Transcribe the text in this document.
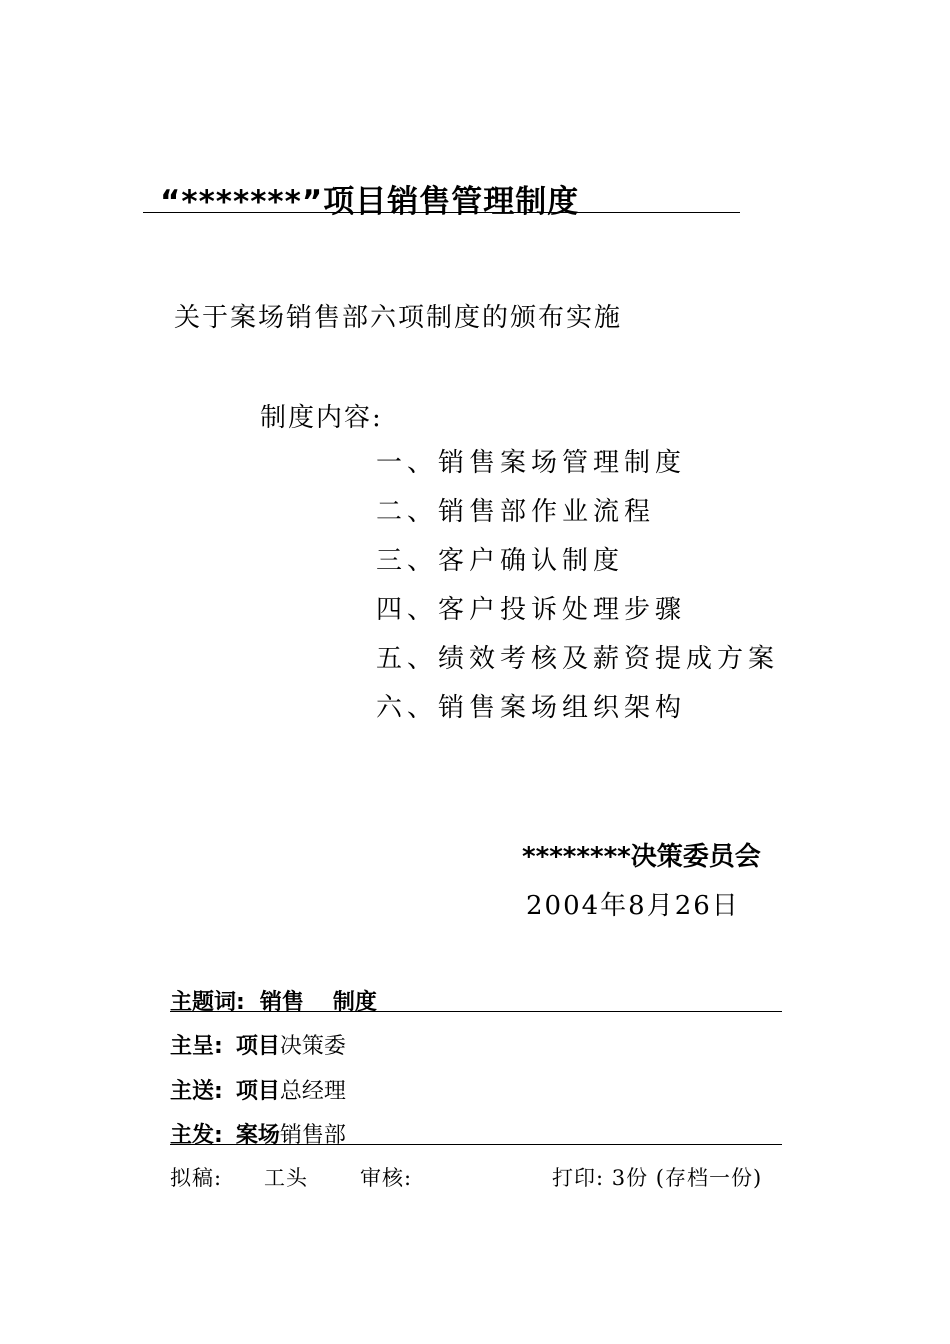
“*******”项目销售管理制度
关于案场销售部六项制度的颁布实施
制度内容:
一、销售案场管理制度
二、销售部作业流程
三、客户确认制度
四、客户投诉处理步骤
五、绩效考核及薪资提成方案
六、销售案场组织架构
********决策委员会
2004年8月26日
主题词: 销售 制度
主呈: 项目决策委
主送: 项目总经理
主发: 案场销售部
拟稿: 工头 审核:	打印: 3份 (存档一份)
